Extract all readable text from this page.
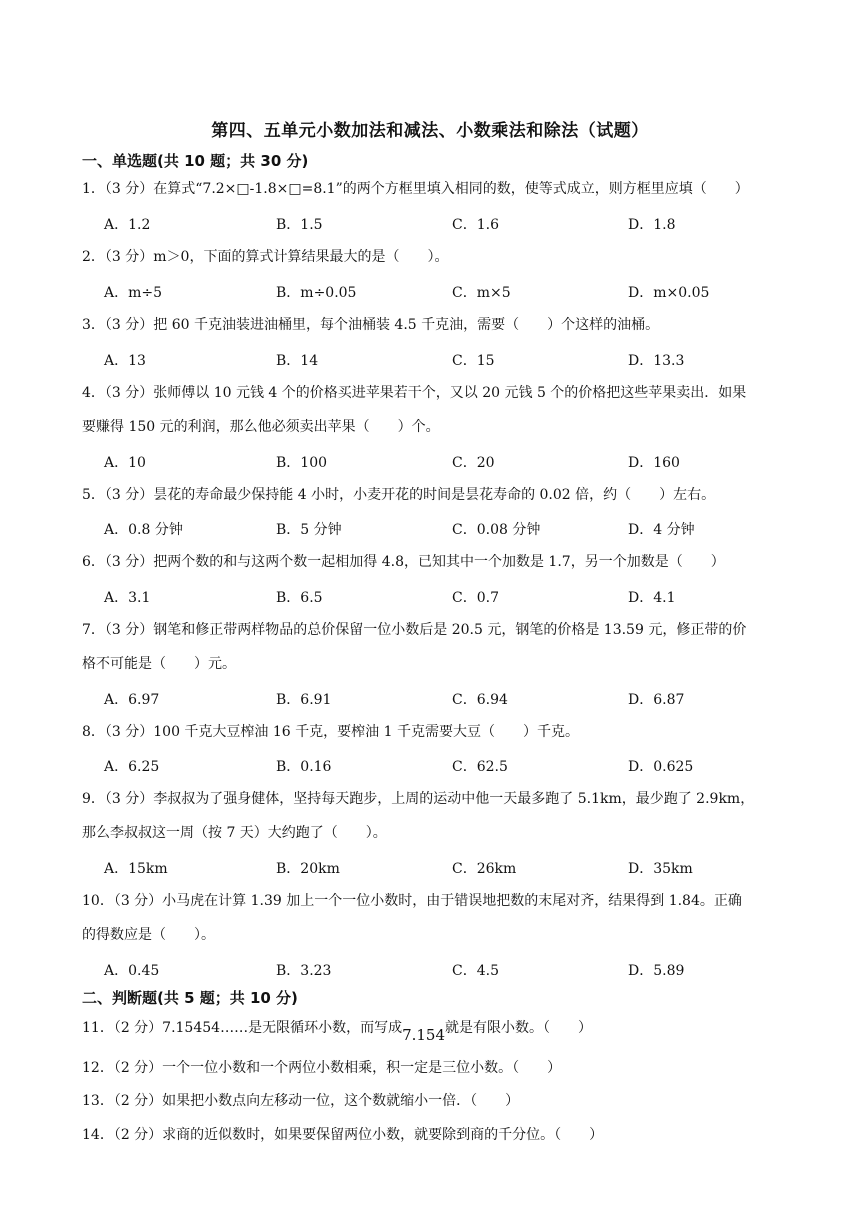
第四、五单元小数加法和减法、小数乘法和除法（试题）
一、单选题(共 10 题；共 30 分)
1．（3 分）在算式“7.2×□-1.8×□=8.1”的两个方框里填入相同的数，使等式成立，则方框里应填（　　）
A．1.2	B．1.5	C．1.6	D．1.8
2．（3 分）m＞0，下面的算式计算结果最大的是（　　）。
A．m÷5	B．m÷0.05	C．m×5	D．m×0.05
3．（3 分）把 60 千克油装进油桶里，每个油桶装 4.5 千克油，需要（　　）个这样的油桶。
A．13	B．14	C．15	D．13.3
4．（3 分）张师傅以 10 元钱 4 个的价格买进苹果若干个，又以 20 元钱 5 个的价格把这些苹果卖出．如果
要赚得 150 元的利润，那么他必须卖出苹果（　　）个。
A．10	B．100	C．20	D．160
5．（3 分）昙花的寿命最少保持能 4 小时，小麦开花的时间是昙花寿命的 0.02 倍，约（　　）左右。
A．0.8 分钟	B．5 分钟	C．0.08 分钟	D．4 分钟
6．（3 分）把两个数的和与这两个数一起相加得 4.8，已知其中一个加数是 1.7，另一个加数是（　　）
A．3.1	B．6.5	C．0.7	D．4.1
7．（3 分）钢笔和修正带两样物品的总价保留一位小数后是 20.5 元，钢笔的价格是 13.59 元，修正带的价
格不可能是（　　）元。
A．6.97	B．6.91	C．6.94	D．6.87
8．（3 分）100 千克大豆榨油 16 千克，要榨油 1 千克需要大豆（　　）千克。
A．6.25	B．0.16	C．62.5	D．0.625
9．（3 分）李叔叔为了强身健体，坚持每天跑步，上周的运动中他一天最多跑了 5.1km，最少跑了 2.9km，
那么李叔叔这一周（按 7 天）大约跑了（　　）。
A．15km	B．20km	C．26km	D．35km
10．（3 分）小马虎在计算 1.39 加上一个一位小数时，由于错误地把数的末尾对齐，结果得到 1.84。正确
的得数应是（　　）。
A．0.45	B．3.23	C．4.5	D．5.89
二、判断题(共 5 题；共 10 分)
11．（2 分）7.15454……是无限循环小数，而写成7.154就是有限小数。（　　）
12．（2 分）一个一位小数和一个两位小数相乘，积一定是三位小数。（　　）
13．（2 分）如果把小数点向左移动一位，这个数就缩小一倍．（　　）
14．（2 分）求商的近似数时，如果要保留两位小数，就要除到商的千分位。（　　）
